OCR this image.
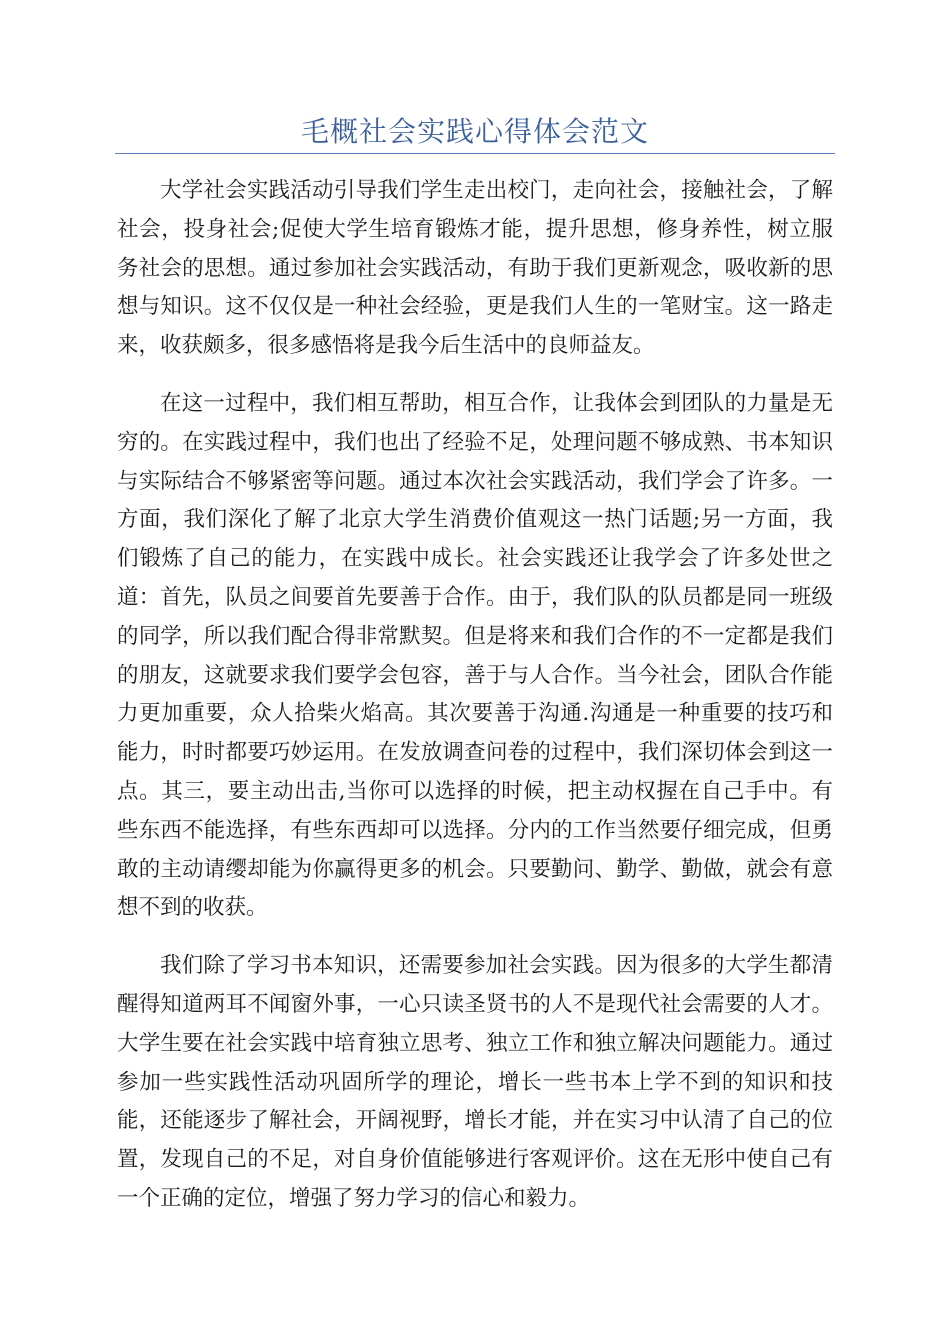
毛概社会实践心得体会范文

大学社会实践活动引导我们学生走出校门，走向社会，接触社会，了解社会，投身社会;促使大学生培育锻炼才能，提升思想，修身养性，树立服务社会的思想。通过参加社会实践活动，有助于我们更新观念，吸收新的思想与知识。这不仅仅是一种社会经验，更是我们人生的一笔财宝。这一路走来，收获颇多，很多感悟将是我今后生活中的良师益友。

在这一过程中，我们相互帮助，相互合作，让我体会到团队的力量是无穷的。在实践过程中，我们也出了经验不足，处理问题不够成熟、书本知识与实际结合不够紧密等问题。通过本次社会实践活动，我们学会了许多。一方面，我们深化了解了北京大学生消费价值观这一热门话题;另一方面，我们锻炼了自己的能力，在实践中成长。社会实践还让我学会了许多处世之道：首先，队员之间要首先要善于合作。由于，我们队的队员都是同一班级的同学，所以我们配合得非常默契。但是将来和我们合作的不一定都是我们的朋友，这就要求我们要学会包容，善于与人合作。当今社会，团队合作能力更加重要，众人拾柴火焰高。其次要善于沟通.沟通是一种重要的技巧和能力，时时都要巧妙运用。在发放调查问卷的过程中，我们深切体会到这一点。其三，要主动出击,当你可以选择的时候，把主动权握在自己手中。有些东西不能选择，有些东西却可以选择。分内的工作当然要仔细完成，但勇敢的主动请缨却能为你赢得更多的机会。只要勤问、勤学、勤做，就会有意想不到的收获。

我们除了学习书本知识，还需要参加社会实践。因为很多的大学生都清醒得知道两耳不闻窗外事，一心只读圣贤书的人不是现代社会需要的人才。大学生要在社会实践中培育独立思考、独立工作和独立解决问题能力。通过参加一些实践性活动巩固所学的理论，增长一些书本上学不到的知识和技能，还能逐步了解社会，开阔视野，增长才能，并在实习中认清了自己的位置，发现自己的不足，对自身价值能够进行客观评价。这在无形中使自己有一个正确的定位，增强了努力学习的信心和毅力。
